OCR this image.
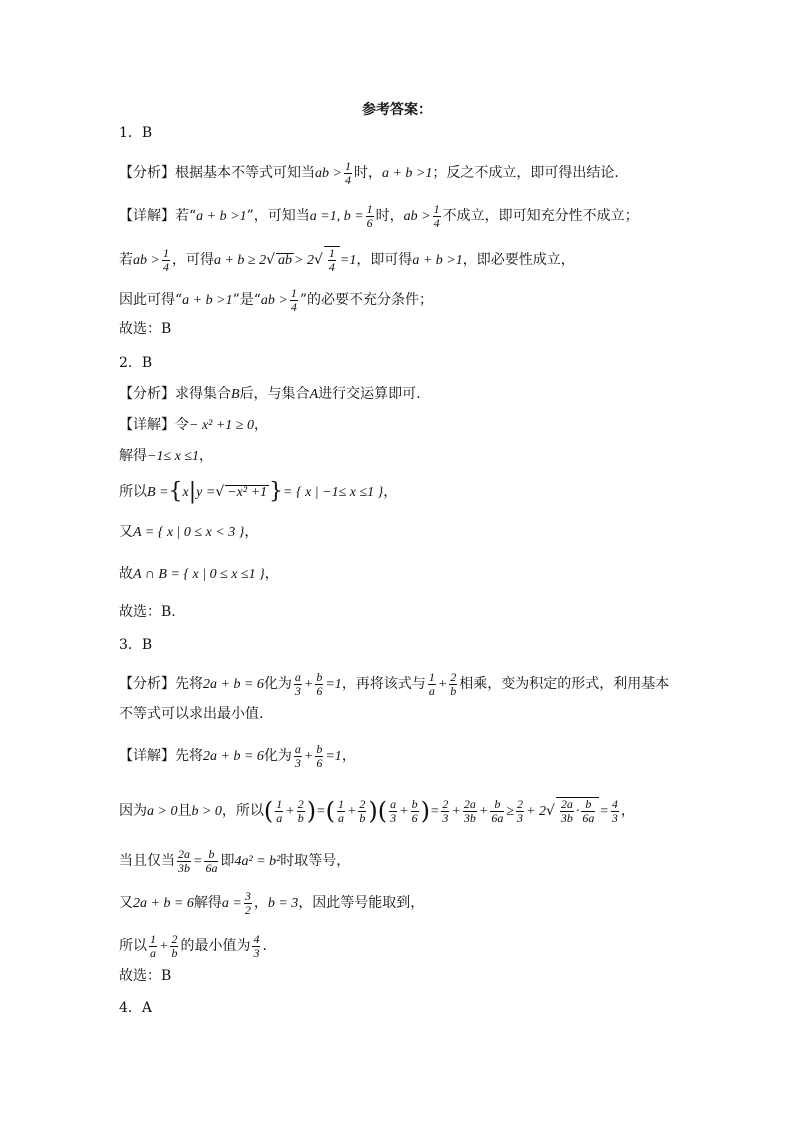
参考答案：
1．B
【分析】根据基本不等式可知当ab > $\frac{1}{4}$ 时，a + b >1；反之不成立，即可得出结论.
【详解】若“a + b >1”，可知当a =1, $b = \frac{1}{6}$ 时，ab > $\frac{1}{4}$ 不成立，即可知充分性不成立；
若ab > $\frac{1}{4}$ ，可得a + b ≥ 2√ ab > $2√ \frac{1}{4} =1$，即可得a + b >1，即必要性成立，
因此可得“a + b >1”是“ab > $\frac{1}{4}$ ”的必要不充分条件；
故选：B
2．B
【分析】求得集合B后，与集合A进行交运算即可.
【详解】令− x² +1 ≥ 0，
解得−1≤ x ≤1，
所以B ={x|y =√ −x² +1}= { x | −1≤ x ≤1 }，
又A = { x | 0 ≤ x < 3 }，
故A ∩ B = { x | 0 ≤ x ≤1 }，
故选：B.
3．B
【分析】先将2a + b = 6化为 $\frac{a}{3} + \frac{b}{6} =1$，再将该式与 $\frac{1}{a} + \frac{2}{b}$ 相乘，变为积定的形式，利用基本
不等式可以求出最小值.
【详解】先将2a + b = 6化为 $\frac{a}{3} + \frac{b}{6} =1$，
因为a > 0且b > 0，所以( $\frac{1}{a} + \frac{2}{b}$ )=( $\frac{1}{a} + \frac{2}{b}$ )( $\frac{a}{3} + \frac{b}{6}$ )= $\frac{2}{3} + \frac{2a}{3b} + \frac{b}{6a} \ge \frac{2}{3} + 2√ \frac{2a}{3b} \cdot \frac{b}{6a} = \frac{4}{3}$ ，
当且仅当 $\frac{2a}{3b} = \frac{b}{6a}$ 即4a² = b²时取等号，
又2a + b = 6解得$a = \frac{3}{2}$ ，b = 3，因此等号能取到，
所以 $\frac{1}{a} + \frac{2}{b}$ 的最小值为 $\frac{4}{3}$ .
故选：B
4．A
